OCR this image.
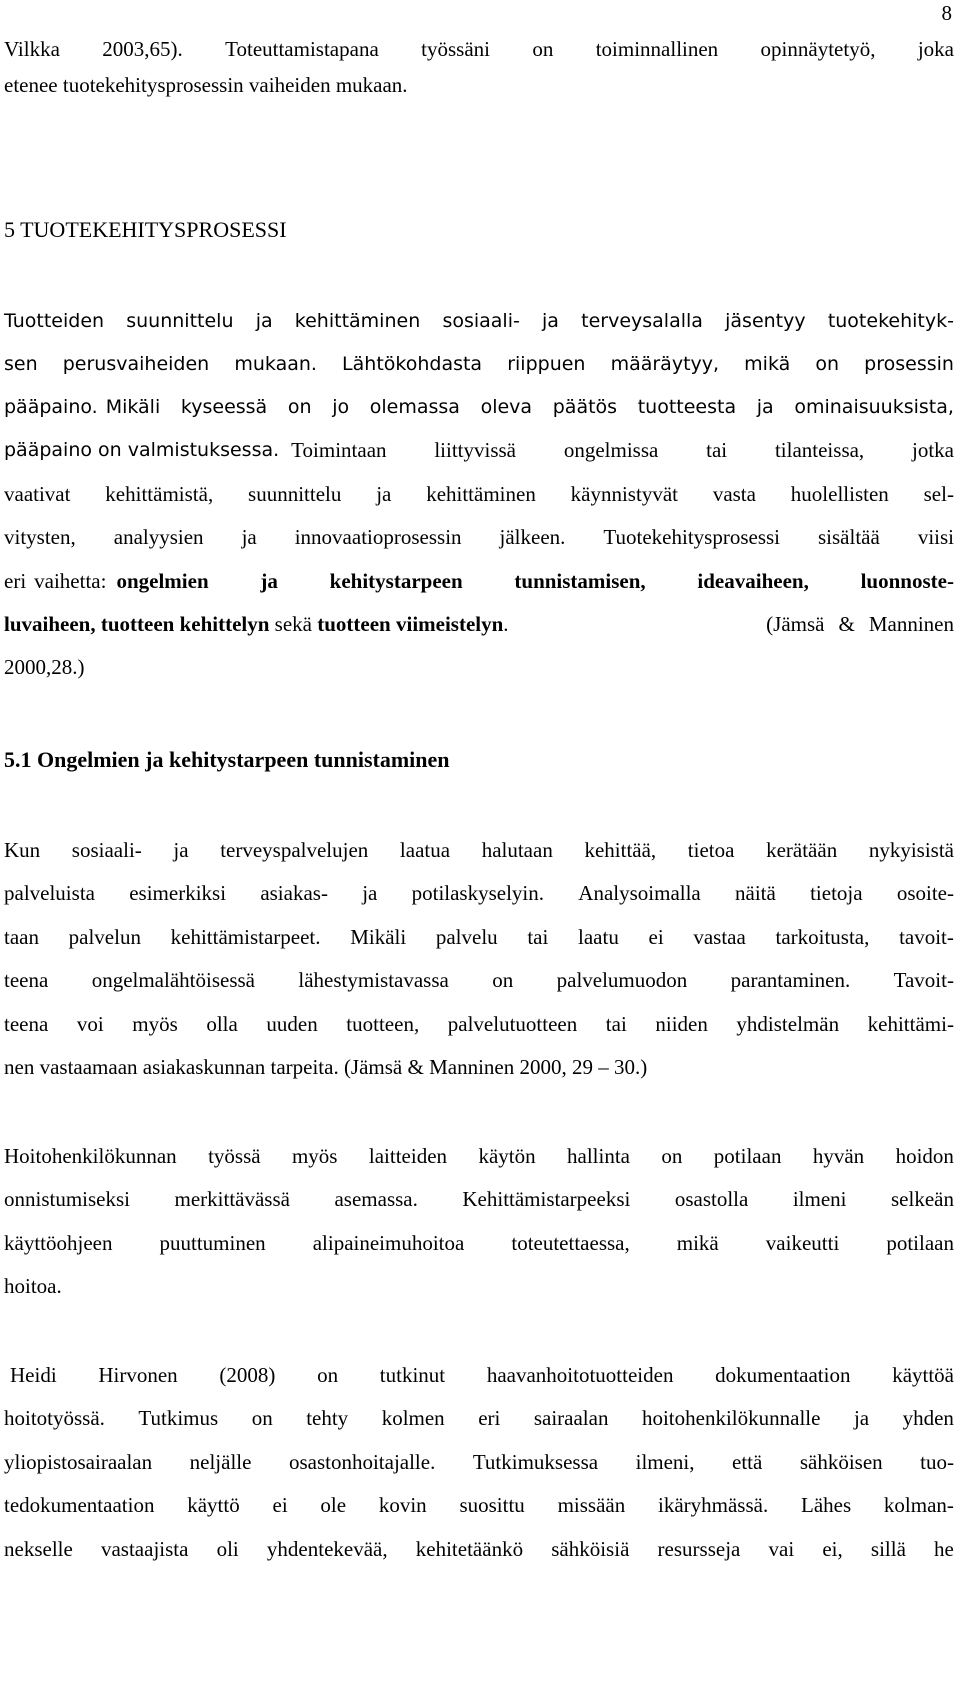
8
Vilkka 2003,65). Toteuttamistapana työssäni on toiminnallinen opinnäytetyö, joka
etenee tuotekehitysprosessin vaiheiden mukaan.
5 TUOTEKEHITYSPROSESSI
Tuotteiden suunnittelu ja kehittäminen sosiaali- ja terveysalalla jäsentyy tuotekehityk-
sen perusvaiheiden mukaan. Lähtökohdasta riippuen määräytyy, mikä on prosessin
pääpaino. Mikäli kyseessä on jo olemassa oleva päätös tuotteesta ja ominaisuuksista,
pääpaino on valmistuksessa. Toimintaan liittyvissä ongelmissa tai tilanteissa, jotka
vaativat kehittämistä, suunnittelu ja kehittäminen käynnistyvät vasta huolellisten sel-
vitysten, analyysien ja innovaatioprosessin jälkeen. Tuotekehitysprosessi sisältää viisi
eri vaihetta: ongelmien ja kehitystarpeen tunnistamisen, ideavaiheen, luonnoste-
luvaiheen, tuotteen kehittelyn sekä tuotteen viimeistelyn.	(Jämsä & Manninen
2000,28.)
5.1 Ongelmien ja kehitystarpeen tunnistaminen
Kun sosiaali- ja terveyspalvelujen laatua halutaan kehittää, tietoa kerätään nykyisistä
palveluista esimerkiksi asiakas- ja potilaskyselyin. Analysoimalla näitä tietoja osoite-
taan palvelun kehittämistarpeet. Mikäli palvelu tai laatu ei vastaa tarkoitusta, tavoit-
teena ongelmalähtöisessä lähestymistavassa on palvelumuodon parantaminen. Tavoit-
teena voi myös olla uuden tuotteen, palvelutuotteen tai niiden yhdistelmän kehittämi-
nen vastaamaan asiakaskunnan tarpeita. (Jämsä & Manninen 2000, 29 – 30.)
Hoitohenkilökunnan työssä myös laitteiden käytön hallinta on potilaan hyvän hoidon
onnistumiseksi merkittävässä asemassa. Kehittämistarpeeksi osastolla ilmeni selkeän
käyttöohjeen puuttuminen alipaineimuhoitoa toteutettaessa, mikä vaikeutti potilaan
hoitoa.
Heidi Hirvonen (2008) on tutkinut haavanhoitotuotteiden dokumentaation käyttöä
hoitotyössä. Tutkimus on tehty kolmen eri sairaalan hoitohenkilökunnalle ja yhden
yliopistosairaalan neljälle osastonhoitajalle. Tutkimuksessa ilmeni, että sähköisen tuo-
tedokumentaation käyttö ei ole kovin suosittu missään ikäryhmässä. Lähes kolman-
nekselle vastaajista oli yhdentekevää, kehitetäänkö sähköisiä resursseja vai ei, sillä he
